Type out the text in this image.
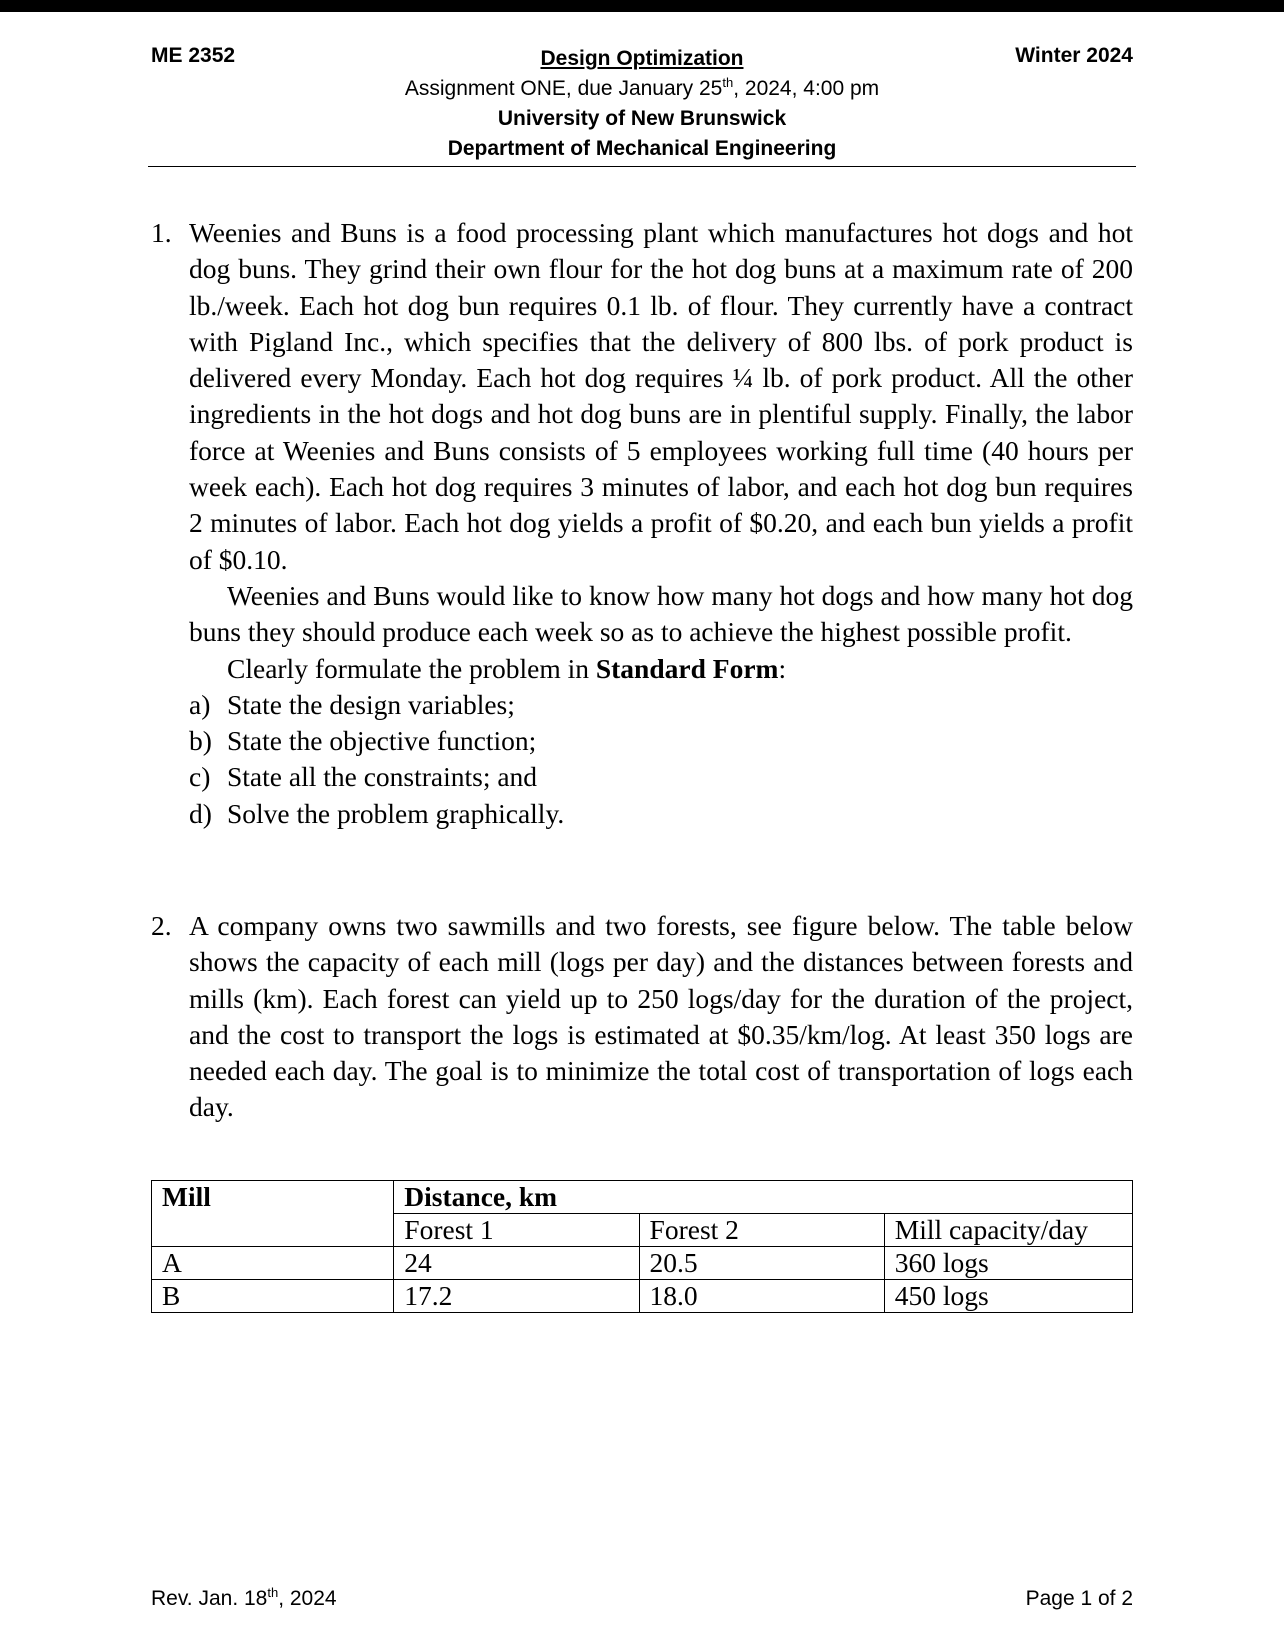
ME 2352	Winter 2024
Design Optimization
Assignment ONE, due January 25th, 2024, 4:00 pm
University of New Brunswick
Department of Mechanical Engineering
1. Weenies and Buns is a food processing plant which manufactures hot dogs and hot dog buns. They grind their own flour for the hot dog buns at a maximum rate of 200 lb./week. Each hot dog bun requires 0.1 lb. of flour. They currently have a contract with Pigland Inc., which specifies that the delivery of 800 lbs. of pork product is delivered every Monday. Each hot dog requires ¼ lb. of pork product. All the other ingredients in the hot dogs and hot dog buns are in plentiful supply. Finally, the labor force at Weenies and Buns consists of 5 employees working full time (40 hours per week each). Each hot dog requires 3 minutes of labor, and each hot dog bun requires 2 minutes of labor. Each hot dog yields a profit of $0.20, and each bun yields a profit of $0.10.

Weenies and Buns would like to know how many hot dogs and how many hot dog buns they should produce each week so as to achieve the highest possible profit.

Clearly formulate the problem in Standard Form:

a) State the design variables;
b) State the objective function;
c) State all the constraints; and
d) Solve the problem graphically.
2. A company owns two sawmills and two forests, see figure below. The table below shows the capacity of each mill (logs per day) and the distances between forests and mills (km). Each forest can yield up to 250 logs/day for the duration of the project, and the cost to transport the logs is estimated at $0.35/km/log. At least 350 logs are needed each day. The goal is to minimize the total cost of transportation of logs each day.

Mill	Distance, km		
	Forest 1	Forest 2	Mill capacity/day
A	24	20.5	360 logs
B	17.2	18.0	450 logs
Rev. Jan. 18th, 2024	Page 1 of 2
